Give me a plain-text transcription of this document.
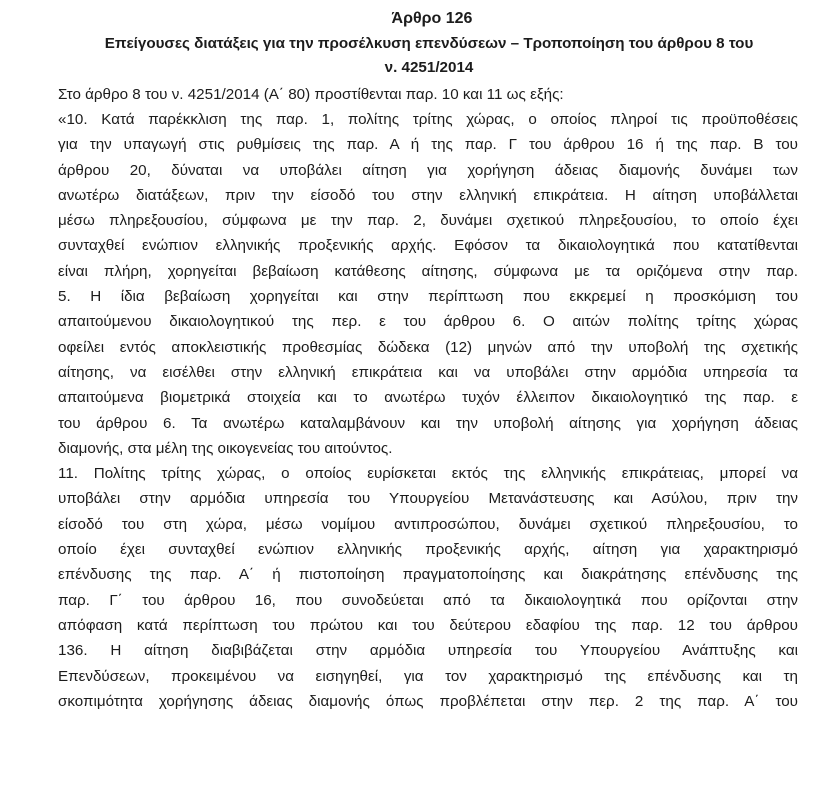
Άρθρο 126
Επείγουσες διατάξεις για την προσέλκυση επενδύσεων – Τροποποίηση του άρθρου 8 του
ν. 4251/2014
Στο άρθρο 8 του ν. 4251/2014 (Α΄ 80) προστίθενται παρ. 10 και 11 ως εξής:
«10. Κατά παρέκκλιση της παρ. 1, πολίτης τρίτης χώρας, ο οποίος πληροί τις προϋποθέσεις
για την υπαγωγή στις ρυθμίσεις της παρ. Α ή της παρ. Γ του άρθρου 16 ή της παρ. Β του
άρθρου 20, δύναται να υποβάλει αίτηση για χορήγηση άδειας διαμονής δυνάμει των
ανωτέρω διατάξεων, πριν την είσοδό του στην ελληνική επικράτεια. Η αίτηση υποβάλλεται
μέσω πληρεξουσίου, σύμφωνα με την παρ. 2, δυνάμει σχετικού πληρεξουσίου, το οποίο έχει
συνταχθεί ενώπιον ελληνικής προξενικής αρχής. Εφόσον τα δικαιολογητικά που κατατίθενται
είναι πλήρη, χορηγείται βεβαίωση κατάθεσης αίτησης, σύμφωνα με τα οριζόμενα στην παρ.
5. Η ίδια βεβαίωση χορηγείται και στην περίπτωση που εκκρεμεί η προσκόμιση του
απαιτούμενου δικαιολογητικού της περ. ε του άρθρου 6. Ο αιτών πολίτης τρίτης χώρας
οφείλει εντός αποκλειστικής προθεσμίας δώδεκα (12) μηνών από την υποβολή της σχετικής
αίτησης, να εισέλθει στην ελληνική επικράτεια και να υποβάλει στην αρμόδια υπηρεσία τα
απαιτούμενα βιομετρικά στοιχεία και το ανωτέρω τυχόν έλλειπον δικαιολογητικό της παρ. ε
του άρθρου 6. Τα ανωτέρω καταλαμβάνουν και την υποβολή αίτησης για χορήγηση άδειας
διαμονής, στα μέλη της οικογενείας του αιτούντος.
11. Πολίτης τρίτης χώρας, ο οποίος ευρίσκεται εκτός της ελληνικής επικράτειας, μπορεί να
υποβάλει στην αρμόδια υπηρεσία του Υπουργείου Μετανάστευσης και Ασύλου, πριν την
είσοδό του στη χώρα, μέσω νομίμου αντιπροσώπου, δυνάμει σχετικού πληρεξουσίου, το
οποίο έχει συνταχθεί ενώπιον ελληνικής προξενικής αρχής, αίτηση για χαρακτηρισμό
επένδυσης της παρ. Α΄ ή πιστοποίηση πραγματοποίησης και διακράτησης επένδυσης της
παρ. Γ΄ του άρθρου 16, που συνοδεύεται από τα δικαιολογητικά που ορίζονται στην
απόφαση κατά περίπτωση του πρώτου και του δεύτερου εδαφίου της παρ. 12 του άρθρου
136. Η αίτηση διαβιβάζεται στην αρμόδια υπηρεσία του Υπουργείου Ανάπτυξης και
Επενδύσεων, προκειμένου να εισηγηθεί, για τον χαρακτηρισμό της επένδυσης και τη
σκοπιμότητα χορήγησης άδειας διαμονής όπως προβλέπεται στην περ. 2 της παρ. Α΄ του
